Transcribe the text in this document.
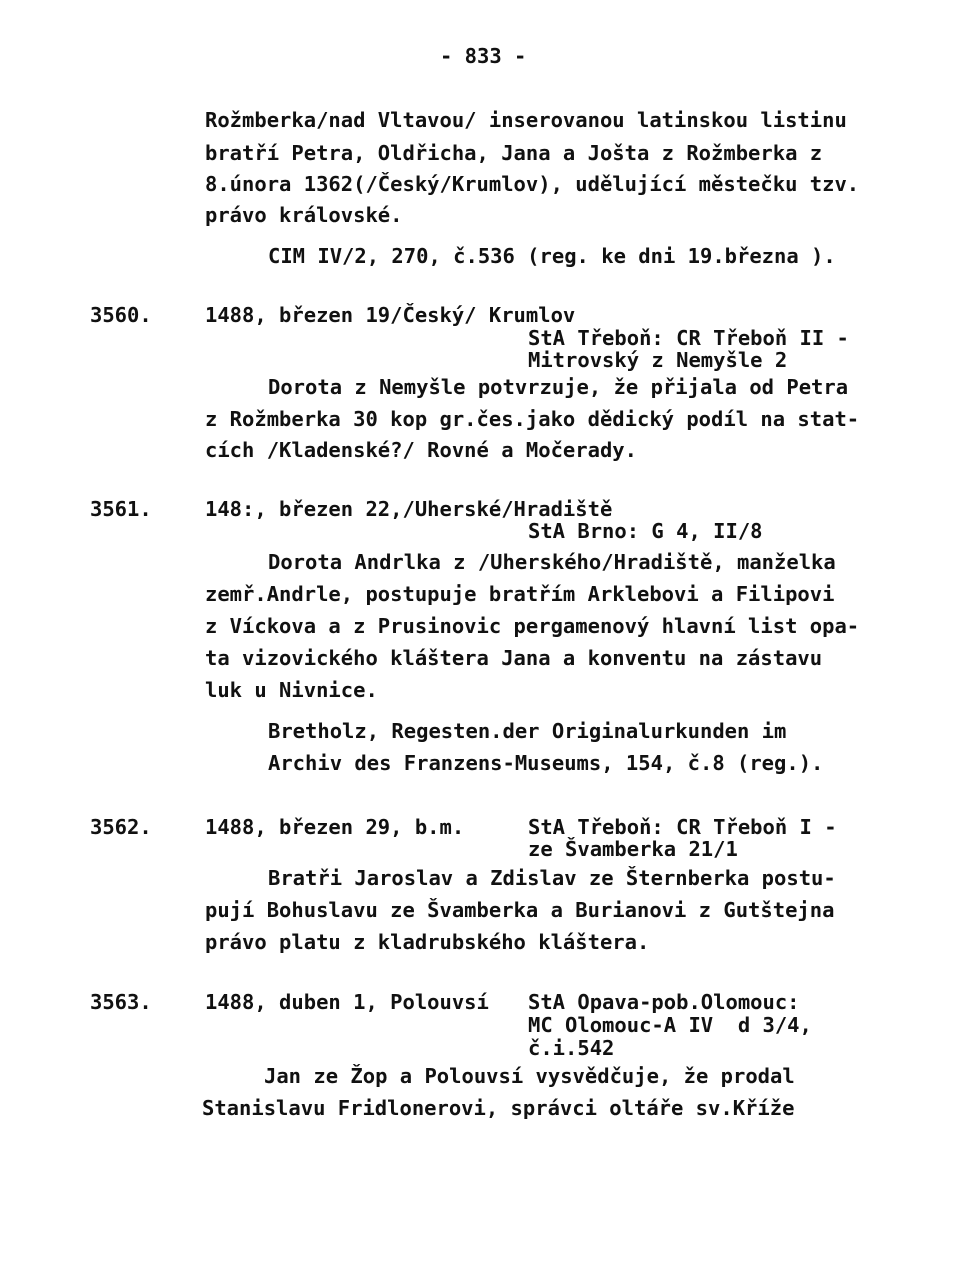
- 833 -
Rožmberka/nad Vltavou/ inserovanou latinskou listinu
bratří Petra, Oldřicha, Jana a Jošta z Rožmberka z
8.února 1362(/Český/Krumlov), udělující městečku tzv.
právo královské.
CIM IV/2, 270, č.536 (reg. ke dni 19.března ).
3560.	1488, březen 19/Český/ Krumlov
StA Třeboň: CR Třeboň II -
Mitrovský z Nemyšle 2
Dorota z Nemyšle potvrzuje, že přijala od Petra
z Rožmberka 30 kop gr.čes.jako dědický podíl na stat-
cích /Kladenské?/ Rovné a Močerady.
3561.	148:, březen 22,/Uherské/Hradiště
StA Brno: G 4, II/8
Dorota Andrlka z /Uherského/Hradiště, manželka
zemř.Andrle, postupuje bratřím Arklebovi a Filipovi
z Víckova a z Prusinovic pergamenový hlavní list opa-
ta vizovického kláštera Jana a konventu na zástavu
luk u Nivnice.
Bretholz, Regesten.der Originalurkunden im
Archiv des Franzens-Museums, 154, č.8 (reg.).
3562.	1488, březen 29, b.m.	StA Třeboň: CR Třeboň I -
ze Švamberka 21/1
Bratři Jaroslav a Zdislav ze Šternberka postu-
pují Bohuslavu ze Švamberka a Burianovi z Gutštejna
právo platu z kladrubského kláštera.
3563.	1488, duben 1, Polouvsí StA Opava-pob.Olomouc:
MC Olomouc-A IV  d 3/4,
č.i.542
Jan ze Žop a Polouvsí vysvědčuje, že prodal
Stanislavu Fridlonerovi, správci oltáře sv.Kříže
